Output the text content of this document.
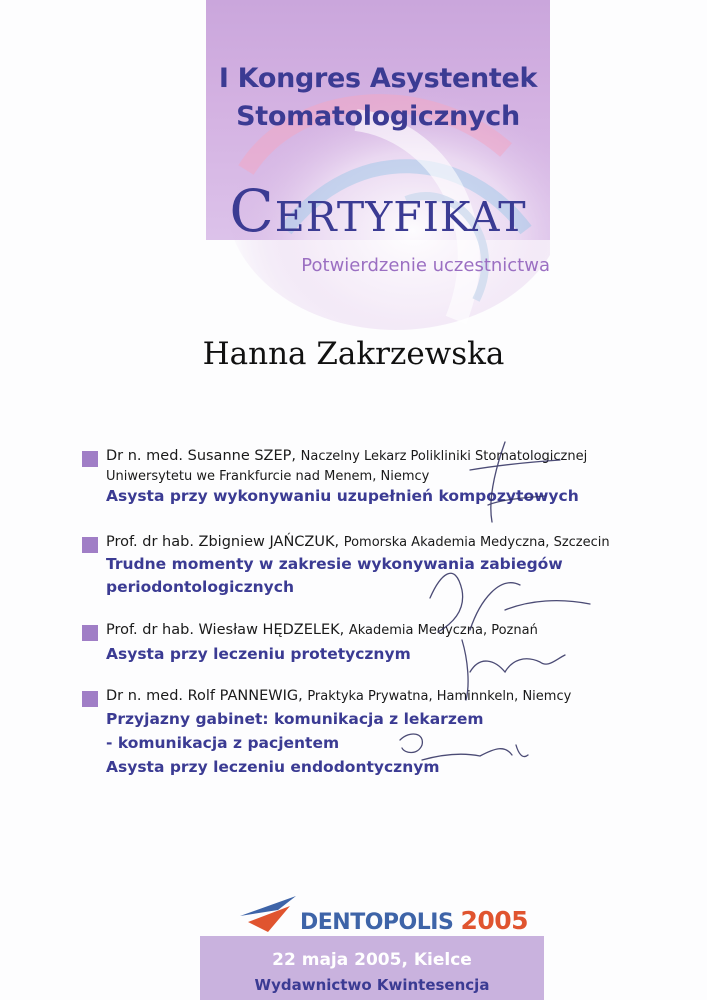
I Kongres Asystentek
Stomatologicznych
Certyfikat
Potwierdzenie uczestnictwa
Hanna Zakrzewska
Dr n. med. Susanne SZEP, Naczelny Lekarz Polikliniki Stomatologicznej
Uniwersytetu we Frankfurcie nad Menem, Niemcy
Asysta przy wykonywaniu uzupełnień kompozytowych
Prof. dr hab. Zbigniew JAŃCZUK, Pomorska Akademia Medyczna, Szczecin
Trudne momenty w zakresie wykonywania zabiegów
periodontologicznych
Prof. dr hab. Wiesław HĘDZELEK, Akademia Medyczna, Poznań
Asysta przy leczeniu protetycznym
Dr n. med. Rolf PANNEWIG, Praktyka Prywatna, Haminnkeln, Niemcy
Przyjazny gabinet: komunikacja z lekarzem
- komunikacja z pacjentem
Asysta przy leczeniu endodontycznym
DENTOPOLIS 2005
22 maja 2005, Kielce
Wydawnictwo Kwintesencja
